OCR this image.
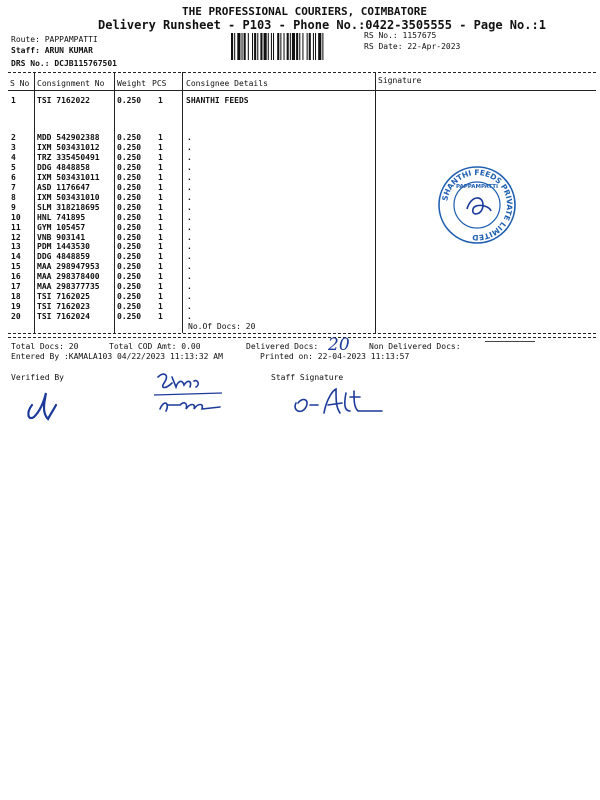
THE PROFESSIONAL COURIERS, COIMBATORE
Delivery Runsheet - P103 - Phone No.:0422-3505555 - Page No.:1
Route: PAPPAMPATTI
Staff: ARUN KUMAR
DRS No.: DCJB115767501
RS No.: 1157675
RS Date: 22-Apr-2023
S No Consignment No Weight PCS Consignee Details	Signature
1	TSI 7162022	0.250 1	SHANTHI FEEDS
2	MDD 542902388 0.250 1	.
3	IXM 503431012 0.250 1	.
4	TRZ 335450491 0.250 1	.
5	DDG 4848858	0.250 1	.
6	IXM 503431011 0.250 1	.
7	ASD 1176647	0.250 1	.
8	IXM 503431010 0.250 1	.
9	SLM 318218695 0.250 1	.
10 HNL 741895	0.250 1	.
11 GYM 105457	0.250 1	.
12 VNB 903141	0.250 1	.
13 PDM 1443530	0.250 1	.
14 DDG 4848859	0.250 1	.
15 MAA 298947953 0.250 1	.
16 MAA 298378400 0.250 1	.
17 MAA 298377735 0.250 1	.
18 TSI 7162025	0.250 1	.
19 TSI 7162023	0.250 1	.
20 TSI 7162024	0.250 1	.
No.Of Docs: 20
SHANTHI FEEDS PRIVATE LIMITED
PAPPAMPATTI
Total Docs: 20	Total COD Amt: 0.00	Delivered Docs: 20 Non Delivered Docs:
Entered By :KAMALA103 04/22/2023 11:13:32 AM	Printed on: 22-04-2023 11:13:57
Verified By	Staff Signature
